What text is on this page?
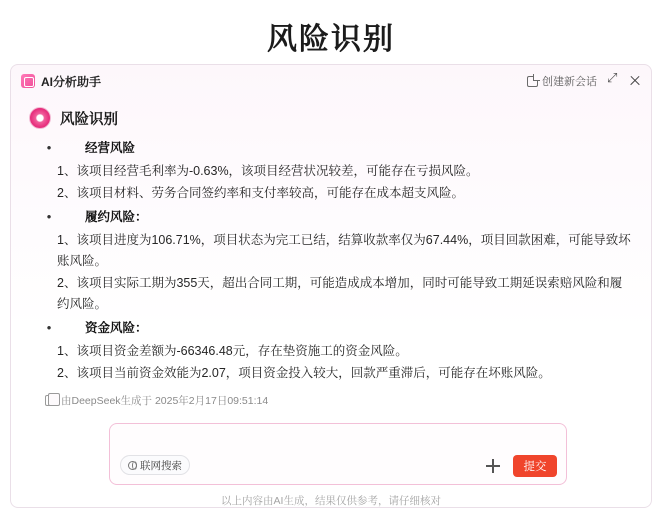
风险识别
AI分析助手	创建新会话
⤢
风险识别
•	经营风险
1、该项目经营毛利率为-0.63%，该项目经营状况较差，可能存在亏损风险。
2、该项目材料、劳务合同签约率和支付率较高，可能存在成本超支风险。
•	履约风险：
1、该项目进度为106.71%，项目状态为完工已结，结算收款率仅为67.44%，项目回款困难，可能导致坏账风险。
2、该项目实际工期为355天，超出合同工期，可能造成成本增加，同时可能导致工期延误索赔风险和履约风险。
•	资金风险：
1、该项目资金差额为-66346.48元，存在垫资施工的资金风险。
2、该项目当前资金效能为2.07，项目资金投入较大，回款严重滞后，可能存在坏账风险。
由DeepSeek生成于 2025年2月17日09:51:14
联网搜索	提交
以上内容由AI生成，结果仅供参考，请仔细核对
